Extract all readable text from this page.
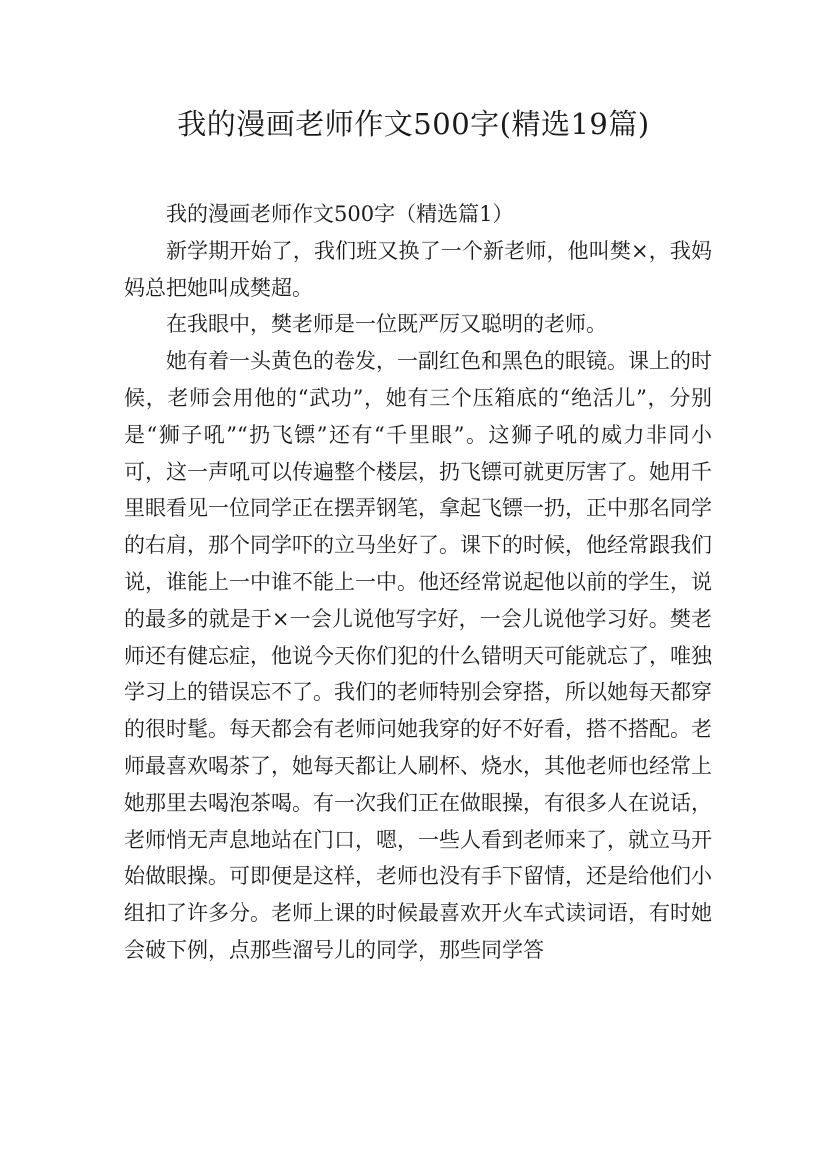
我的漫画老师作文500字(精选19篇)

我的漫画老师作文500字（精选篇1）

新学期开始了，我们班又换了一个新老师，他叫樊×，我妈妈总把她叫成樊超。

在我眼中，樊老师是一位既严厉又聪明的老师。

她有着一头黄色的卷发，一副红色和黑色的眼镜。课上的时候，老师会用他的“武功”，她有三个压箱底的“绝活儿”，分别是“狮子吼”“扔飞镖”还有“千里眼”。这狮子吼的威力非同小可，这一声吼可以传遍整个楼层，扔飞镖可就更厉害了。她用千里眼看见一位同学正在摆弄钢笔，拿起飞镖一扔，正中那名同学的右肩，那个同学吓的立马坐好了。课下的时候，他经常跟我们说，谁能上一中谁不能上一中。他还经常说起他以前的学生，说的最多的就是于×一会儿说他写字好，一会儿说他学习好。樊老师还有健忘症，他说今天你们犯的什么错明天可能就忘了，唯独学习上的错误忘不了。我们的老师特别会穿搭，所以她每天都穿的很时髦。每天都会有老师问她我穿的好不好看，搭不搭配。老师最喜欢喝茶了，她每天都让人刷杯、烧水，其他老师也经常上她那里去喝泡茶喝。有一次我们正在做眼操，有很多人在说话，老师悄无声息地站在门口，嗯，一些人看到老师来了，就立马开始做眼操。可即便是这样，老师也没有手下留情，还是给他们小组扣了许多分。老师上课的时候最喜欢开火车式读词语，有时她会破下例，点那些溜号儿的同学，那些同学答
